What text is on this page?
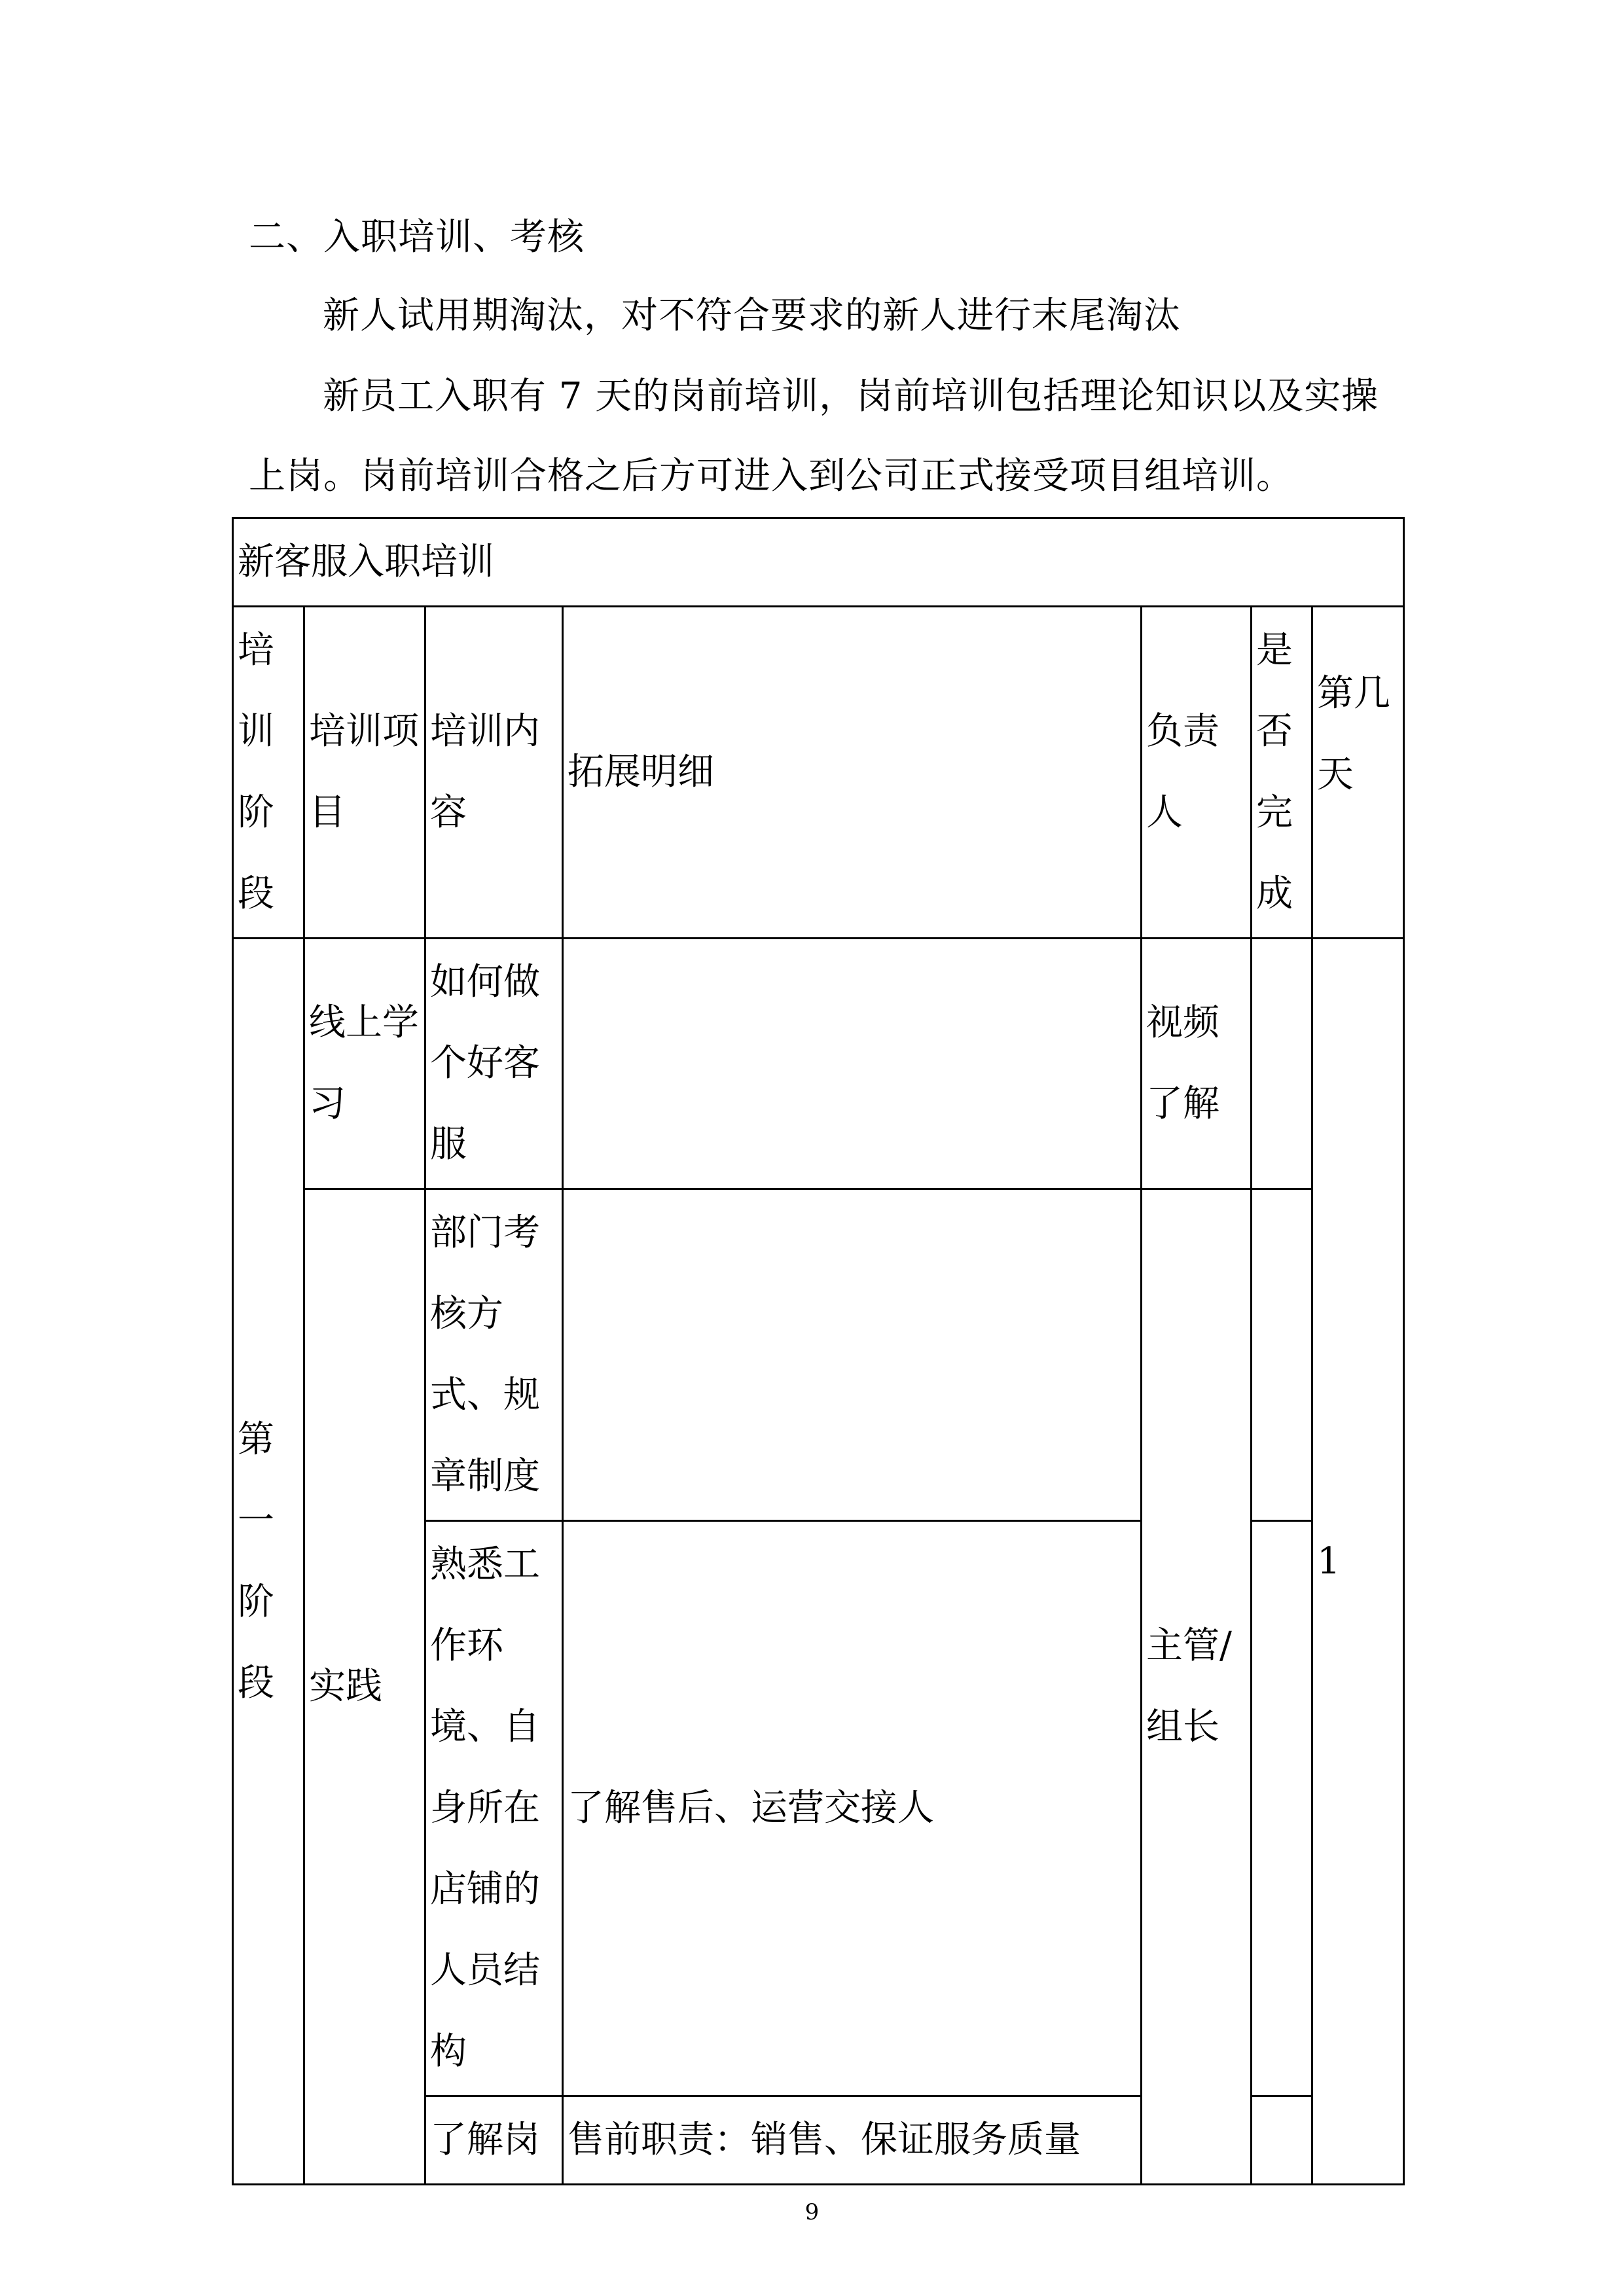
二、入职培训、考核
新人试用期淘汰，对不符合要求的新人进行末尾淘汰
新员工入职有 7 天的岗前培训，岗前培训包括理论知识以及实操
上岗。岗前培训合格之后方可进入到公司正式接受项目组培训。
新客服入职培训						
培训阶段	培训项目	培训内容	拓展明细	负责人	是否完成	第几天
第一阶段	线上学习	如何做个好客服		视频了解		1
	实践	部门考核方式、规章制度		主管/组长		
		熟悉工作环境、自身所在店铺的人员结构	了解售后、运营交接人			
		了解岗	售前职责：销售、保证服务质量			
9
